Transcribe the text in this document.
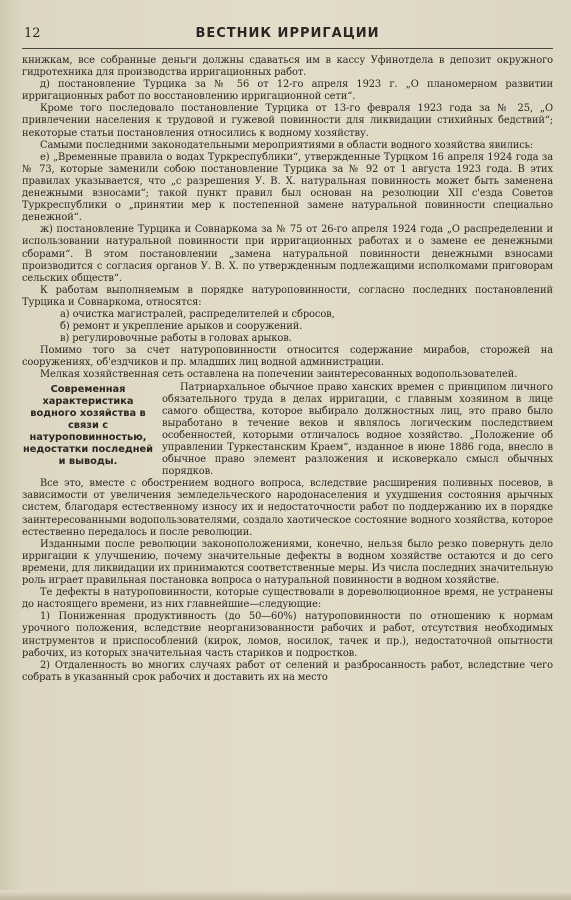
12	ВЕСТНИК ИРРИГАЦИИ

книжкам, все собранные деньги должны сдаваться им в кассу Уфинотдела в депозит окружного гидротехника для производства ирригационных работ.

д) постановление Турцика за № 56 от 12-го апреля 1923 г. „О планомерном развитии ирригационных работ по восстановлению ирригационной сети“.

Кроме того последовало постановление Турцика от 13-го февраля 1923 года за № 25, „О привлечении населения к трудовой и гужевой повинности для ликвидации стихийных бедствий“; некоторые статьи постановления относились к водному хозяйству.

Самыми последними законодательными мероприятиями в области водного хозяйства явились:

е) „Временные правила о водах Туркреспублики“, утвержденные Турцком 16 апреля 1924 года за № 73, которые заменили собою постановление Турцика за № 92 от 1 августа 1923 года. В этих правилах указывается, что „с разрешения У. В. Х. натуральная повинность может быть заменена денежными взносами“; такой пункт правил был основан на резолюции XII с'езда Советов Туркреспублики о „принятии мер к постепенной замене натуральной повинности специально денежной“.

ж) постановление Турцика и Совнаркома за № 75 от 26-го апреля 1924 года „О распределении и использовании натуральной повинности при ирригационных работах и о замене ее денежными сборами“. В этом постановлении „замена натуральной повинности денежными взносами производится с согласия органов У. В. Х. по утвержденным подлежащими исполкомами приговорам сельских обществ“.

К работам выполняемым в порядке натуроповинности, согласно последних постановлений Турцика и Совнаркома, относятся:

а) очистка магистралей, распределителей и сбросов,

б) ремонт и укрепление арыков и сооружений.

в) регулировочные работы в головах арыков.

Помимо того за счет натуроповинности относится содержание мирабов, сторожей на сооружениях, об'ездчиков и пр. младших лиц водной администрации.

Мелкая хозяйственная сеть оставлена на попечении заинтересованных водопользователей.

Современная характеристика водного хозяйства в связи с натуроповинностью, недостатки последней и выводы.

Патриархальное обычное право ханских времен с принципом личного обязательного труда в делах ирригации, с главным хозяином в лице самого общества, которое выбирало должностных лиц, это право было выработано в течение веков и являлось логическим последствием особенностей, которыми отличалось водное хозяйство. „Положение об управлении Туркестанским Краем“, изданное в июне 1886 года, внесло в обычное право элемент разложения и исковеркало смысл обычных порядков.

Все это, вместе с обострением водного вопроса, вследствие расширения поливных посевов, в зависимости от увеличения земледельческого народонаселения и ухудшения состояния арычных систем, благодаря естественному износу их и недостаточности работ по поддержанию их в порядке заинтересованными водопользователями, создало хаотическое состояние водного хозяйства, которое естественно передалось и после революции.

Изданными после революции законоположениями, конечно, нельзя было резко повернуть дело ирригации к улучшению, почему значительные дефекты в водном хозяйстве остаются и до сего времени, для ликвидации их принимаются соответственные меры. Из числа последних значительную роль играет правильная постановка вопроса о натуральной повинности в водном хозяйстве.

Те дефекты в натуроповинности, которые существовали в дореволюционное время, не устранены до настоящего времени, из них главнейшие—следующие:

1) Пониженная продуктивность (до 50—60%) натуроповинности по отношению к нормам урочного положения, вследствие неорганизованности рабочих и работ, отсутствия необходимых инструментов и приспособлений (кирок, ломов, носилок, тачек и пр.), недостаточной опытности рабочих, из которых значительная часть стариков и подростков.

2) Отдаленность во многих случаях работ от селений и разбросанность работ, вследствие чего собрать в указанный срок рабочих и доставить их на место
